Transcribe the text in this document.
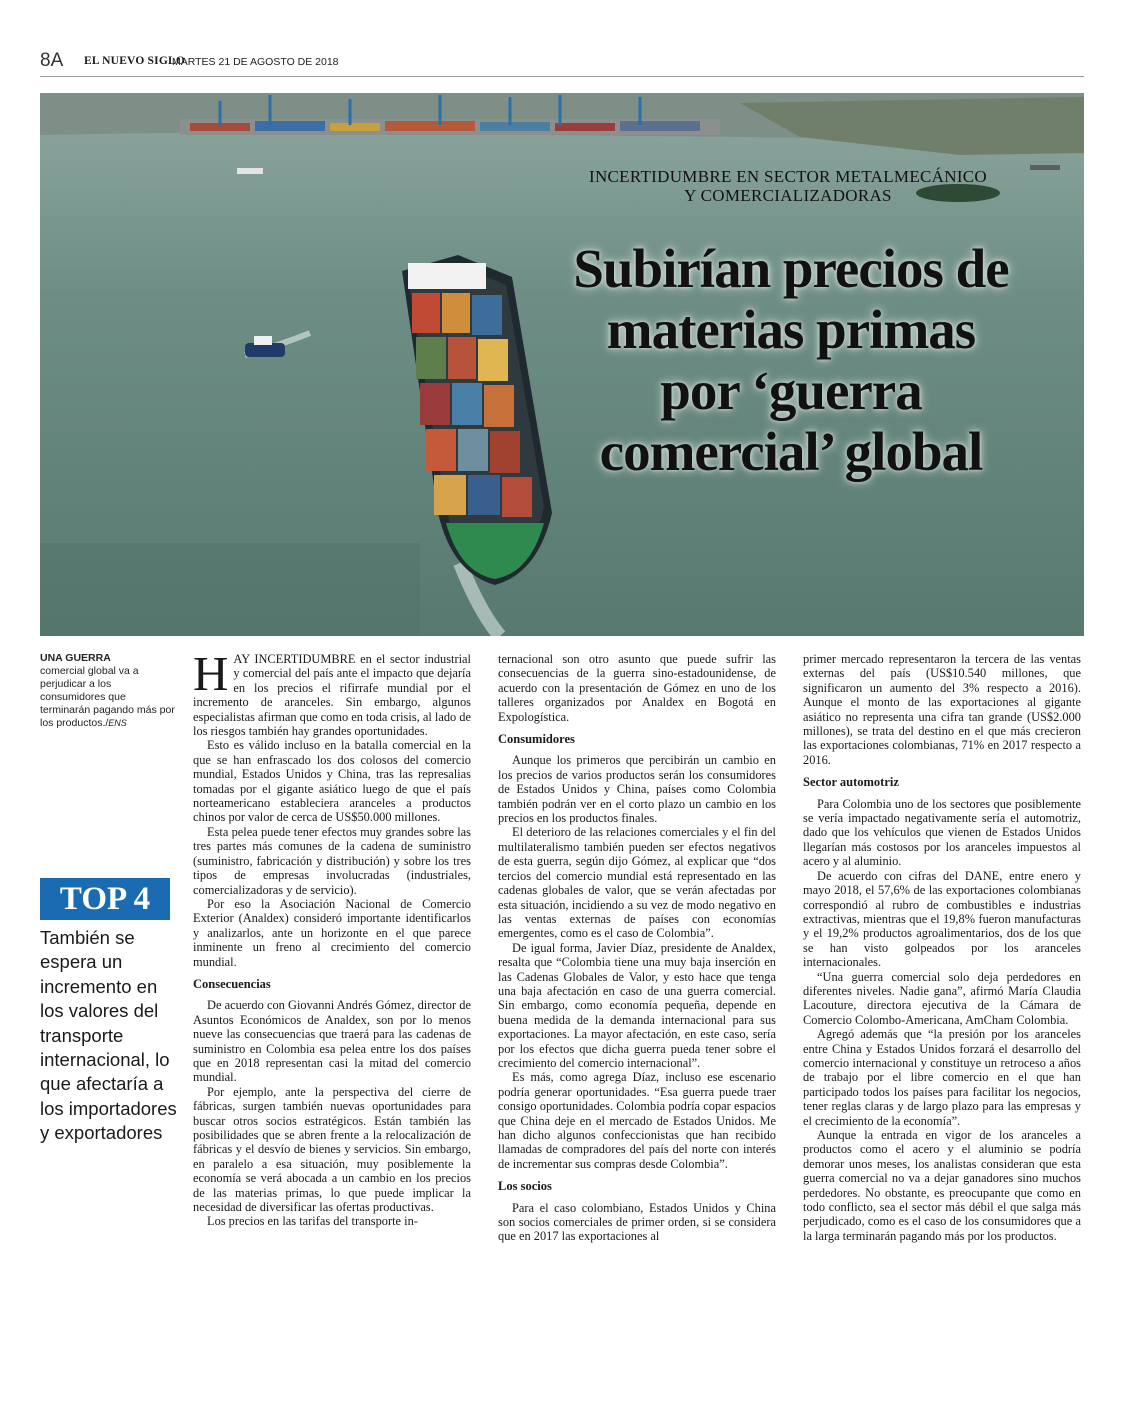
8A EL NUEVO SIGLO
MARTES 21 DE AGOSTO DE 2018
INCERTIDUMBRE EN SECTOR METALMECÁNICO
Y COMERCIALIZADORAS
Subirían precios de
materias primas
por ‘guerra
comercial’ global
UNA GUERRA
comercial global va a perjudicar a los consumidores que terminarán pagando más por los productos./ENS
TOP 4
También se espera un incremento en los valores del transporte internacional, lo que afectaría a los importadores y exportadores

HAY INCERTIDUMBRE en el sector industrial y comercial del país ante el impacto que dejaría en los precios el rifirrafe mundial por el incremento de aranceles. Sin embargo, algunos especialistas afirman que como en toda crisis, al lado de los riesgos también hay grandes oportunidades.

Esto es válido incluso en la batalla comercial en la que se han enfrascado los dos colosos del comercio mundial, Estados Unidos y China, tras las represalias tomadas por el gigante asiático luego de que el país norteamericano estableciera aranceles a productos chinos por valor de cerca de US$50.000 millones.

Esta pelea puede tener efectos muy grandes sobre las tres partes más comunes de la cadena de suministro (suministro, fabricación y distribución) y sobre los tres tipos de empresas involucradas (industriales, comercializadoras y de servicio).

Por eso la Asociación Nacional de Comercio Exterior (Analdex) consideró importante identificarlos y analizarlos, ante un horizonte en el que parece inminente un freno al crecimiento del comercio mundial.

Consecuencias

De acuerdo con Giovanni Andrés Gómez, director de Asuntos Económicos de Analdex, son por lo menos nueve las consecuencias que traerá para las cadenas de suministro en Colombia esa pelea entre los dos países que en 2018 representan casi la mitad del comercio mundial.

Por ejemplo, ante la perspectiva del cierre de fábricas, surgen también nuevas oportunidades para buscar otros socios estratégicos. Están también las posibilidades que se abren frente a la relocalización de fábricas y el desvío de bienes y servicios. Sin embargo, en paralelo a esa situación, muy posiblemente la economía se verá abocada a un cambio en los precios de las materias primas, lo que puede implicar la necesidad de diversificar las ofertas productivas.

Los precios en las tarifas del transporte in-

ternacional son otro asunto que puede sufrir las consecuencias de la guerra sino-estadounidense, de acuerdo con la presentación de Gómez en uno de los talleres organizados por Analdex en Bogotá en Expologística.

Consumidores

Aunque los primeros que percibirán un cambio en los precios de varios productos serán los consumidores de Estados Unidos y China, países como Colombia también podrán ver en el corto plazo un cambio en los precios en los productos finales.

El deterioro de las relaciones comerciales y el fin del multilateralismo también pueden ser efectos negativos de esta guerra, según dijo Gómez, al explicar que “dos tercios del comercio mundial está representado en las cadenas globales de valor, que se verán afectadas por esta situación, incidiendo a su vez de modo negativo en las ventas externas de países con economías emergentes, como es el caso de Colombia”.

De igual forma, Javier Díaz, presidente de Analdex, resalta que “Colombia tiene una muy baja inserción en las Cadenas Globales de Valor, y esto hace que tenga una baja afectación en caso de una guerra comercial. Sin embargo, como economía pequeña, depende en buena medida de la demanda internacional para sus exportaciones. La mayor afectación, en este caso, sería por los efectos que dicha guerra pueda tener sobre el crecimiento del comercio internacional”.

Es más, como agrega Díaz, incluso ese escenario podría generar oportunidades. “Esa guerra puede traer consigo oportunidades. Colombia podría copar espacios que China deje en el mercado de Estados Unidos. Me han dicho algunos confeccionistas que han recibido llamadas de compradores del país del norte con interés de incrementar sus compras desde Colombia”.

Los socios

Para el caso colombiano, Estados Unidos y China son socios comerciales de primer orden, si se considera que en 2017 las exportaciones al

primer mercado representaron la tercera de las ventas externas del país (US$10.540 millones, que significaron un aumento del 3% respecto a 2016). Aunque el monto de las exportaciones al gigante asiático no representa una cifra tan grande (US$2.000 millones), se trata del destino en el que más crecieron las exportaciones colombianas, 71% en 2017 respecto a 2016.

Sector automotriz

Para Colombia uno de los sectores que posiblemente se vería impactado negativamente sería el automotriz, dado que los vehículos que vienen de Estados Unidos llegarían más costosos por los aranceles impuestos al acero y al aluminio.

De acuerdo con cifras del DANE, entre enero y mayo 2018, el 57,6% de las exportaciones colombianas correspondió al rubro de combustibles e industrias extractivas, mientras que el 19,8% fueron manufacturas y el 19,2% productos agroalimentarios, dos de los que se han visto golpeados por los aranceles internacionales.

“Una guerra comercial solo deja perdedores en diferentes niveles. Nadie gana”, afirmó María Claudia Lacouture, directora ejecutiva de la Cámara de Comercio Colombo-Americana, AmCham Colombia.

Agregó además que “la presión por los aranceles entre China y Estados Unidos forzará el desarrollo del comercio internacional y constituye un retroceso a años de trabajo por el libre comercio en el que han participado todos los países para facilitar los negocios, tener reglas claras y de largo plazo para las empresas y el crecimiento de la economía”.

Aunque la entrada en vigor de los aranceles a productos como el acero y el aluminio se podría demorar unos meses, los analistas consideran que esta guerra comercial no va a dejar ganadores sino muchos perdedores. No obstante, es preocupante que como en todo conflicto, sea el sector más débil el que salga más perjudicado, como es el caso de los consumidores que a la larga terminarán pagando más por los productos.
